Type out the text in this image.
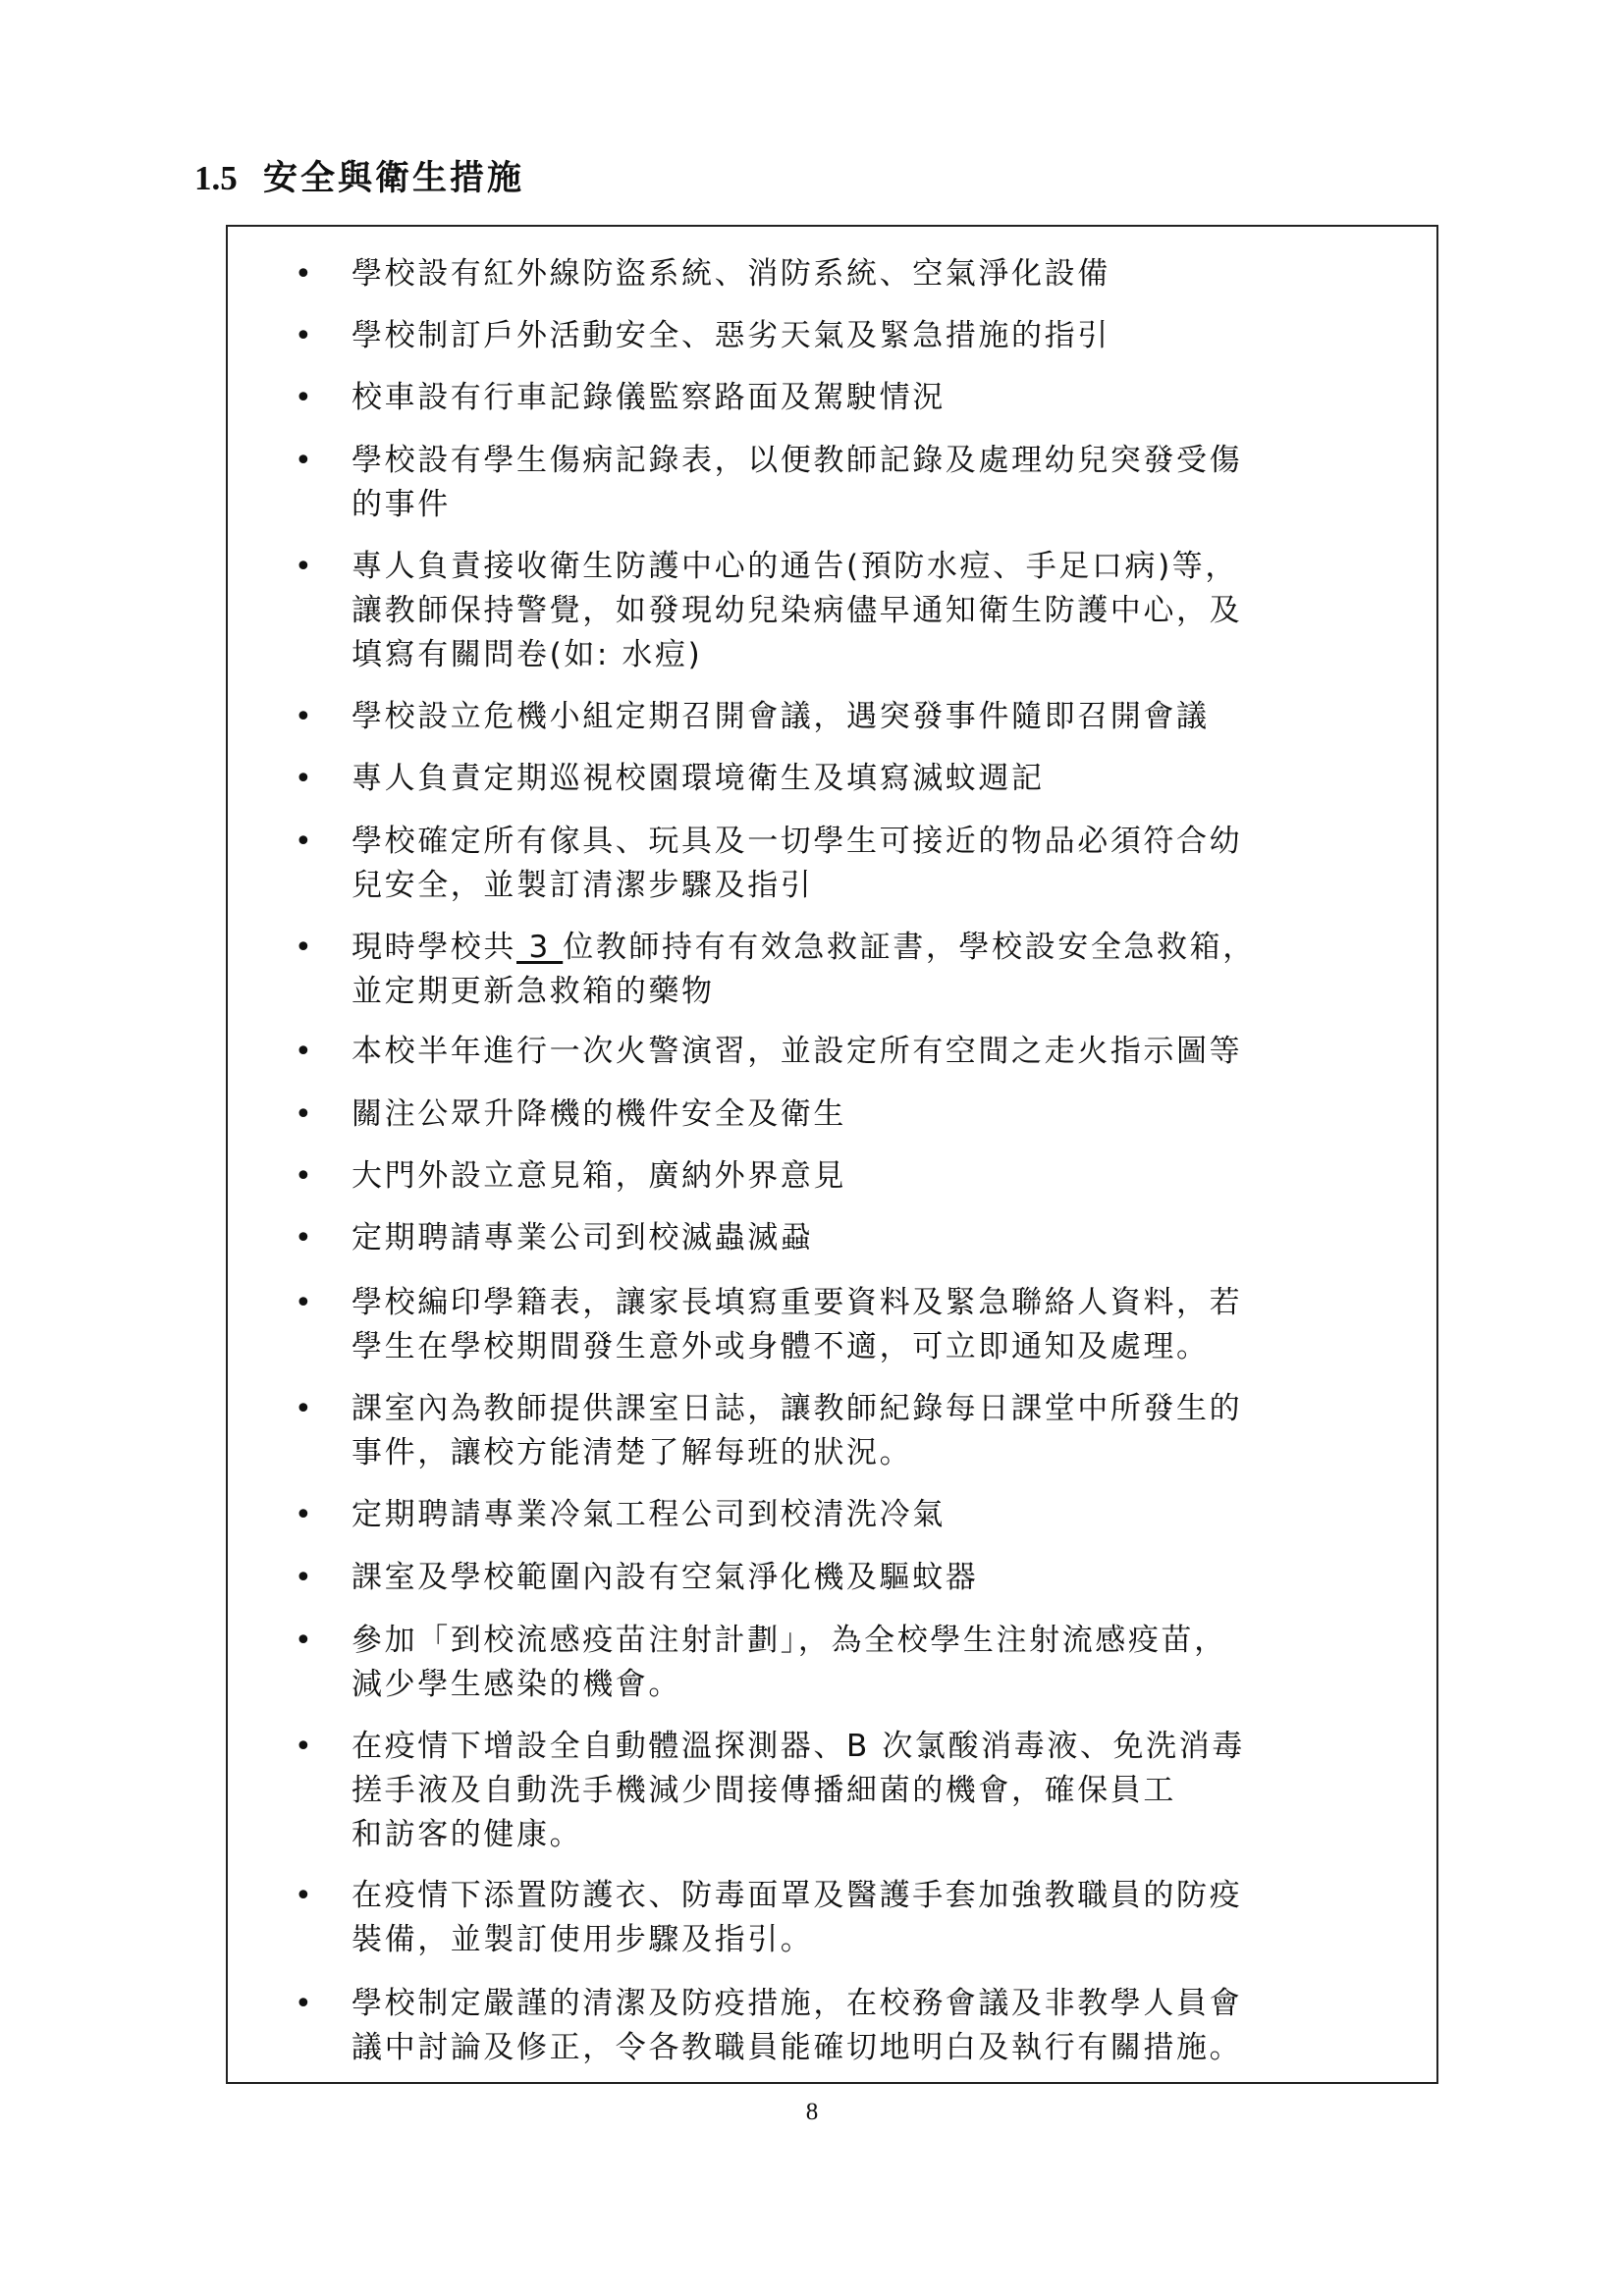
1.5 安全與衛生措施
•	學校設有紅外線防盜系統、消防系統、空氣淨化設備
•	學校制訂戶外活動安全、惡劣天氣及緊急措施的指引
•	校車設有行車記錄儀監察路面及駕駛情況
•	學校設有學生傷病記錄表，以便教師記錄及處理幼兒突發受傷
的事件
•	專人負責接收衛生防護中心的通告(預防水痘、手足口病)等，
讓教師保持警覺，如發現幼兒染病儘早通知衛生防護中心，及
填寫有關問卷(如: 水痘)
•	學校設立危機小組定期召開會議，遇突發事件隨即召開會議
•	專人負責定期巡視校園環境衛生及填寫滅蚊週記
•	學校確定所有傢具、玩具及一切學生可接近的物品必須符合幼
兒安全，並製訂清潔步驟及指引
•	現時學校共 3 位教師持有有效急救証書，學校設安全急救箱，
並定期更新急救箱的藥物
•	本校半年進行一次火警演習，並設定所有空間之走火指示圖等
•	關注公眾升降機的機件安全及衛生
•	大門外設立意見箱，廣納外界意見
•	定期聘請專業公司到校滅蟲滅蝨
•	學校編印學籍表，讓家長填寫重要資料及緊急聯絡人資料，若
學生在學校期間發生意外或身體不適，可立即通知及處理。
•	課室內為教師提供課室日誌，讓教師紀錄每日課堂中所發生的
事件，讓校方能清楚了解每班的狀況。
•	定期聘請專業冷氣工程公司到校清洗冷氣
•	課室及學校範圍內設有空氣淨化機及驅蚊器
•	參加「到校流感疫苗注射計劃」，為全校學生注射流感疫苗，
減少學生感染的機會。
•	在疫情下增設全自動體溫探測器、B 次氯酸消毒液、免洗消毒
搓手液及自動洗手機減少間接傳播細菌的機會，確保員工
和訪客的健康。
•	在疫情下添置防護衣、防毒面罩及醫護手套加強教職員的防疫
裝備，並製訂使用步驟及指引。
•	學校制定嚴謹的清潔及防疫措施，在校務會議及非教學人員會
議中討論及修正，令各教職員能確切地明白及執行有關措施。
8
